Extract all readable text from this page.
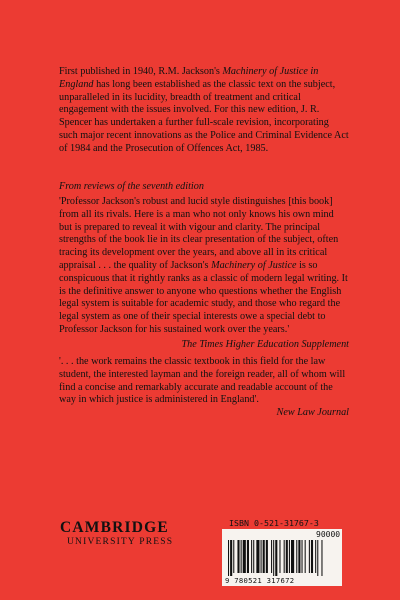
First published in 1940, R.M. Jackson's Machinery of Justice in England has long been established as the classic text on the subject, unparalleled in its lucidity, breadth of treatment and critical engagement with the issues involved. For this new edition, J. R. Spencer has undertaken a further full-scale revision, incorporating such major recent innovations as the Police and Criminal Evidence Act of 1984 and the Prosecution of Offences Act, 1985.
From reviews of the seventh edition
'Professor Jackson's robust and lucid style distinguishes [this book] from all its rivals. Here is a man who not only knows his own mind but is prepared to reveal it with vigour and clarity. The principal strengths of the book lie in its clear presentation of the subject, often tracing its development over the years, and above all in its critical appraisal . . . the quality of Jackson's Machinery of Justice is so conspicuous that it rightly ranks as a classic of modern legal writing. It is the definitive answer to anyone who questions whether the English legal system is suitable for academic study, and those who regard the legal system as one of their special interests owe a special debt to Professor Jackson for his sustained work over the years.'
The Times Higher Education Supplement
'. . . the work remains the classic textbook in this field for the law student, the interested layman and the foreign reader, all of whom will find a concise and remarkably accurate and readable account of the way in which justice is administered in England'.
New Law Journal
CAMBRIDGE
UNIVERSITY PRESS
ISBN 0-521-31767-3
90000
9 780521 317672
